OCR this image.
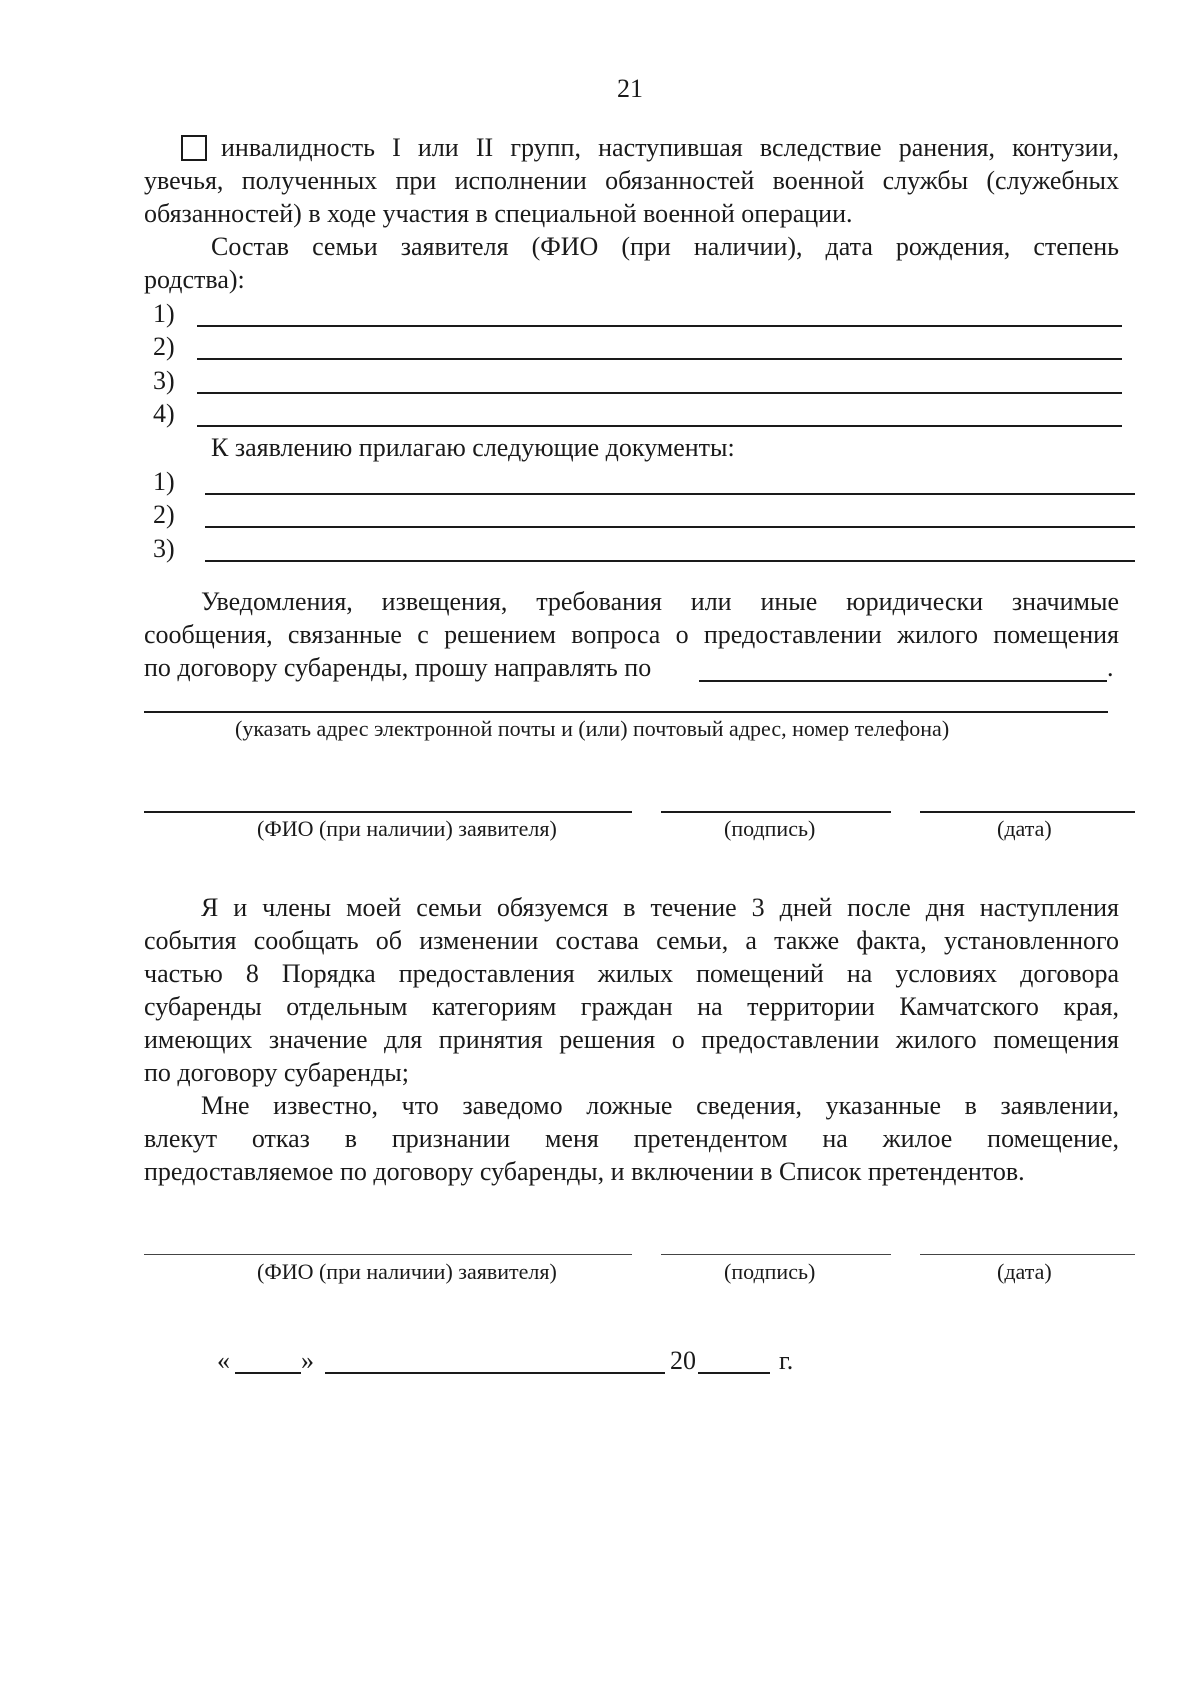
21
инвалидность I или II групп, наступившая вследствие ранения, контузии,
увечья, полученных при исполнении обязанностей военной службы (служебных
обязанностей) в ходе участия в специальной военной операции.
Состав семьи заявителя (ФИО (при наличии), дата рождения, степень
родства):
1)
2)
3)
4)
К заявлению прилагаю следующие документы:
1)
2)
3)
Уведомления, извещения, требования или иные юридически значимые
сообщения, связанные с решением вопроса о предоставлении жилого помещения
по договору субаренды, прошу направлять по	.
(указать адрес электронной почты и (или) почтовый адрес, номер телефона)
(ФИО (при наличии) заявителя)	(подпись)	(дата)
Я и члены моей семьи обязуемся в течение 3 дней после дня наступления
события сообщать об изменении состава семьи, а также факта, установленного
частью 8 Порядка предоставления жилых помещений на условиях договора
субаренды отдельным категориям граждан на территории Камчатского края,
имеющих значение для принятия решения о предоставлении жилого помещения
по договору субаренды;
Мне известно, что заведомо ложные сведения, указанные в заявлении,
влекут отказ в признании меня претендентом на жилое помещение,
предоставляемое по договору субаренды, и включении в Список претендентов.
(ФИО (при наличии) заявителя)	(подпись)	(дата)
«	»	20	г.
